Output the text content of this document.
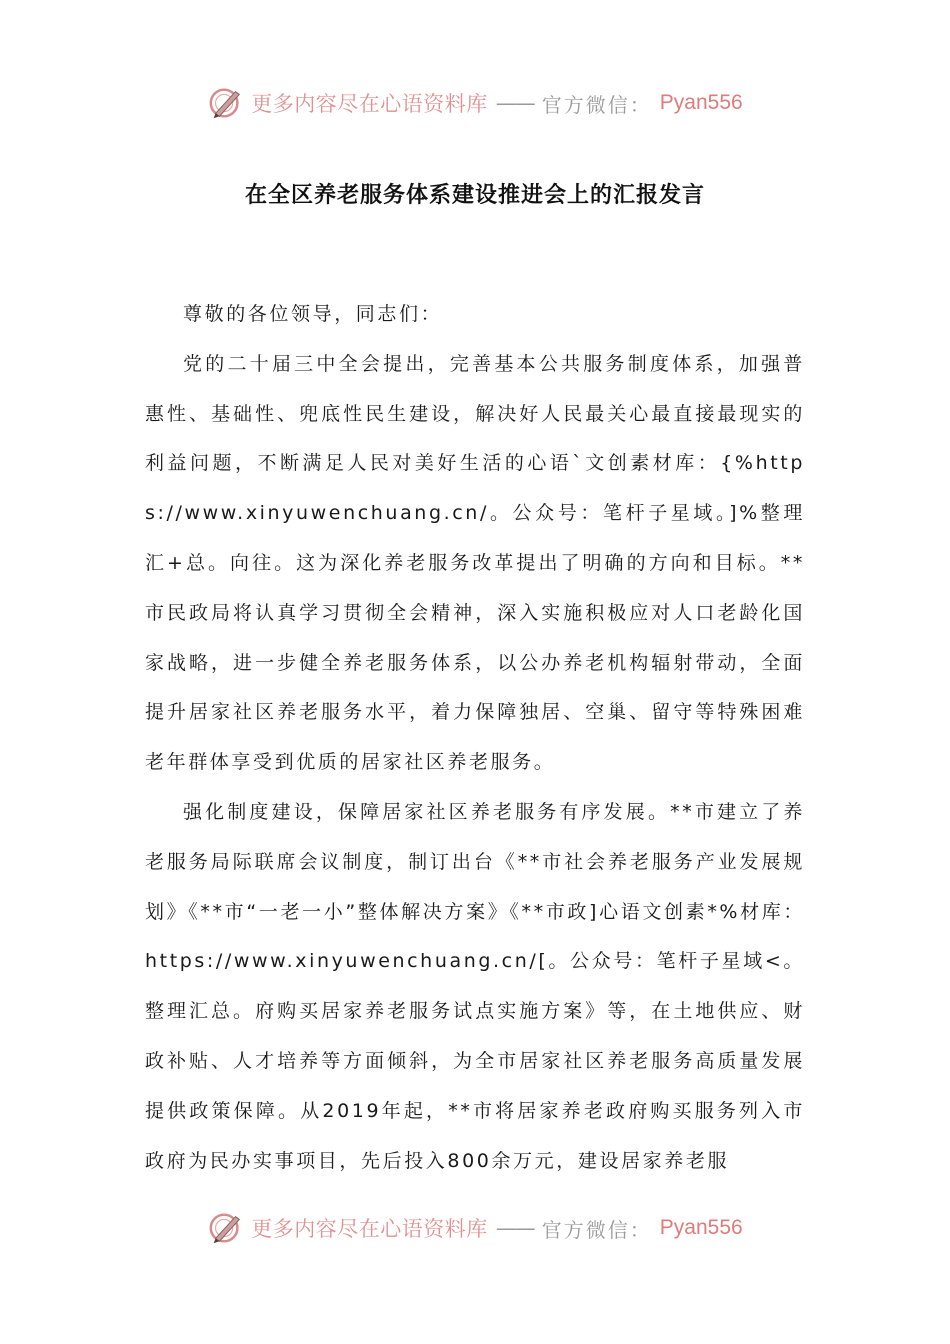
更多内容尽在心语资料库 —— 官方微信： Pyan556
在全区养老服务体系建设推进会上的汇报发言

尊敬的各位领导，同志们：

党的二十届三中全会提出，完善基本公共服务制度体系，加强普惠性、基础性、兜底性民生建设，解决好人民最关心最直接最现实的利益问题，不断满足人民对美好生活的心语`文创素材库：{%https://www.xinyuwenchuang.cn/。公众号：笔杆子星域。]%整理汇+总。向往。这为深化养老服务改革提出了明确的方向和目标。**市民政局将认真学习贯彻全会精神，深入实施积极应对人口老龄化国家战略，进一步健全养老服务体系，以公办养老机构辐射带动，全面提升居家社区养老服务水平，着力保障独居、空巢、留守等特殊困难老年群体享受到优质的居家社区养老服务。

强化制度建设，保障居家社区养老服务有序发展。**市建立了养老服务局际联席会议制度，制订出台《**市社会养老服务产业发展规划》《**市“一老一小”整体解决方案》《**市政]心语文创素*%材库：https://www.xinyuwenchuang.cn/[。公众号：笔杆子星域<。整理汇总。府购买居家养老服务试点实施方案》等，在土地供应、财政补贴、人才培养等方面倾斜，为全市居家社区养老服务高质量发展提供政策保障。从2019年起，**市将居家养老政府购买服务列入市政府为民办实事项目，先后投入800余万元，建设居家养老服

更多内容尽在心语资料库 —— 官方微信： Pyan556
